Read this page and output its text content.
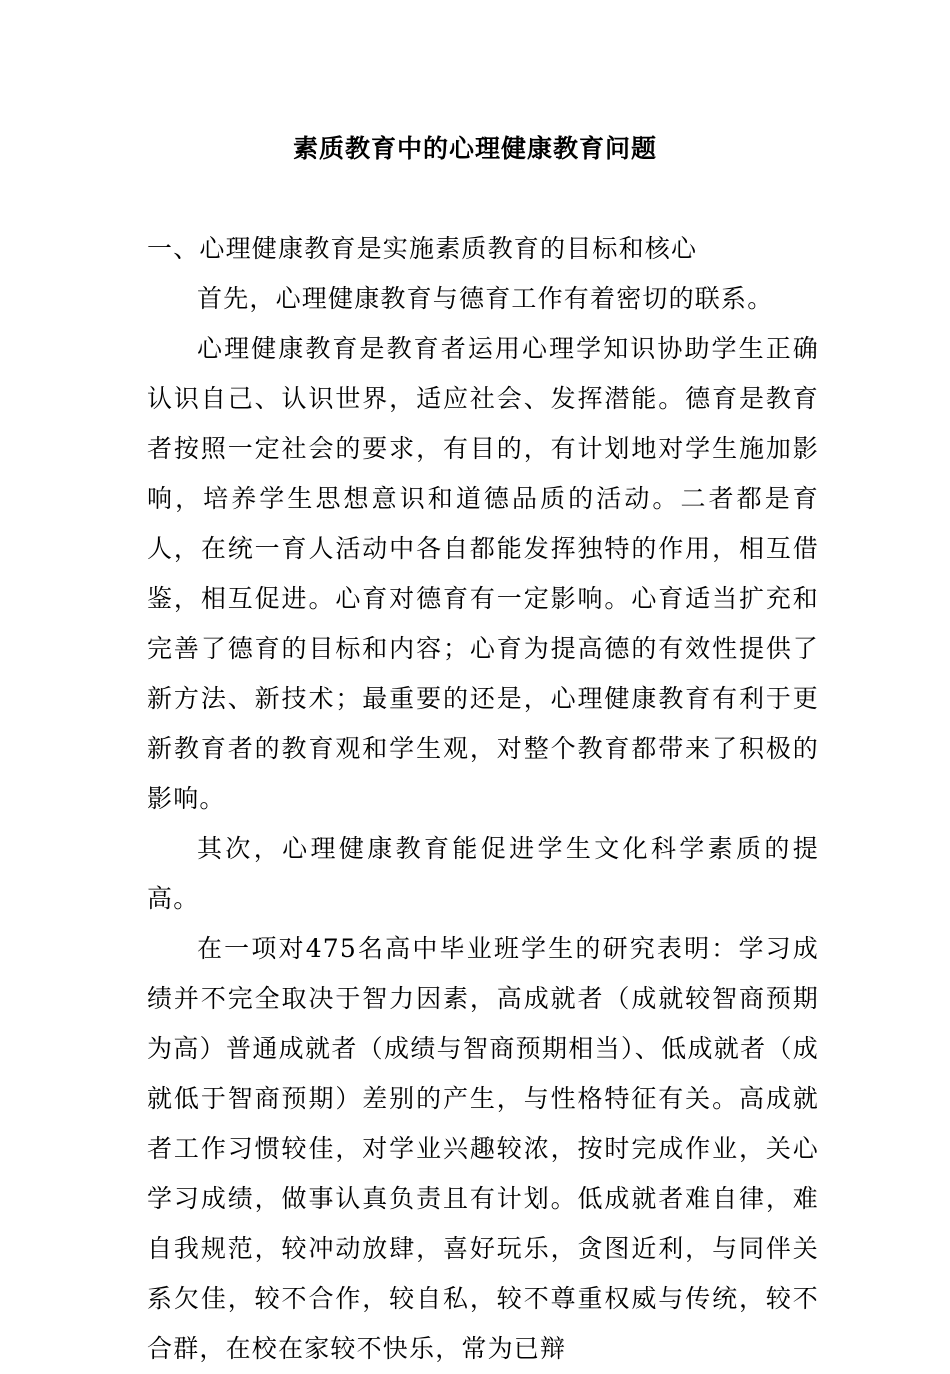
素质教育中的心理健康教育问题

一、心理健康教育是实施素质教育的目标和核心

首先，心理健康教育与德育工作有着密切的联系。

心理健康教育是教育者运用心理学知识协助学生正确认识自己、认识世界，适应社会、发挥潜能。德育是教育者按照一定社会的要求，有目的，有计划地对学生施加影响，培养学生思想意识和道德品质的活动。二者都是育人，在统一育人活动中各自都能发挥独特的作用，相互借鉴，相互促进。心育对德育有一定影响。心育适当扩充和完善了德育的目标和内容；心育为提高德的有效性提供了新方法、新技术；最重要的还是，心理健康教育有利于更新教育者的教育观和学生观，对整个教育都带来了积极的影响。

其次，心理健康教育能促进学生文化科学素质的提高。

在一项对475名高中毕业班学生的研究表明：学习成绩并不完全取决于智力因素，高成就者（成就较智商预期为高）普通成就者（成绩与智商预期相当）、低成就者（成就低于智商预期）差别的产生，与性格特征有关。高成就者工作习惯较佳，对学业兴趣较浓，按时完成作业，关心学习成绩，做事认真负责且有计划。低成就者难自律，难自我规范，较冲动放肆，喜好玩乐，贪图近利，与同伴关系欠佳，较不合作，较自私，较不尊重权威与传统，较不合群，在校在家较不快乐，常为已辩
